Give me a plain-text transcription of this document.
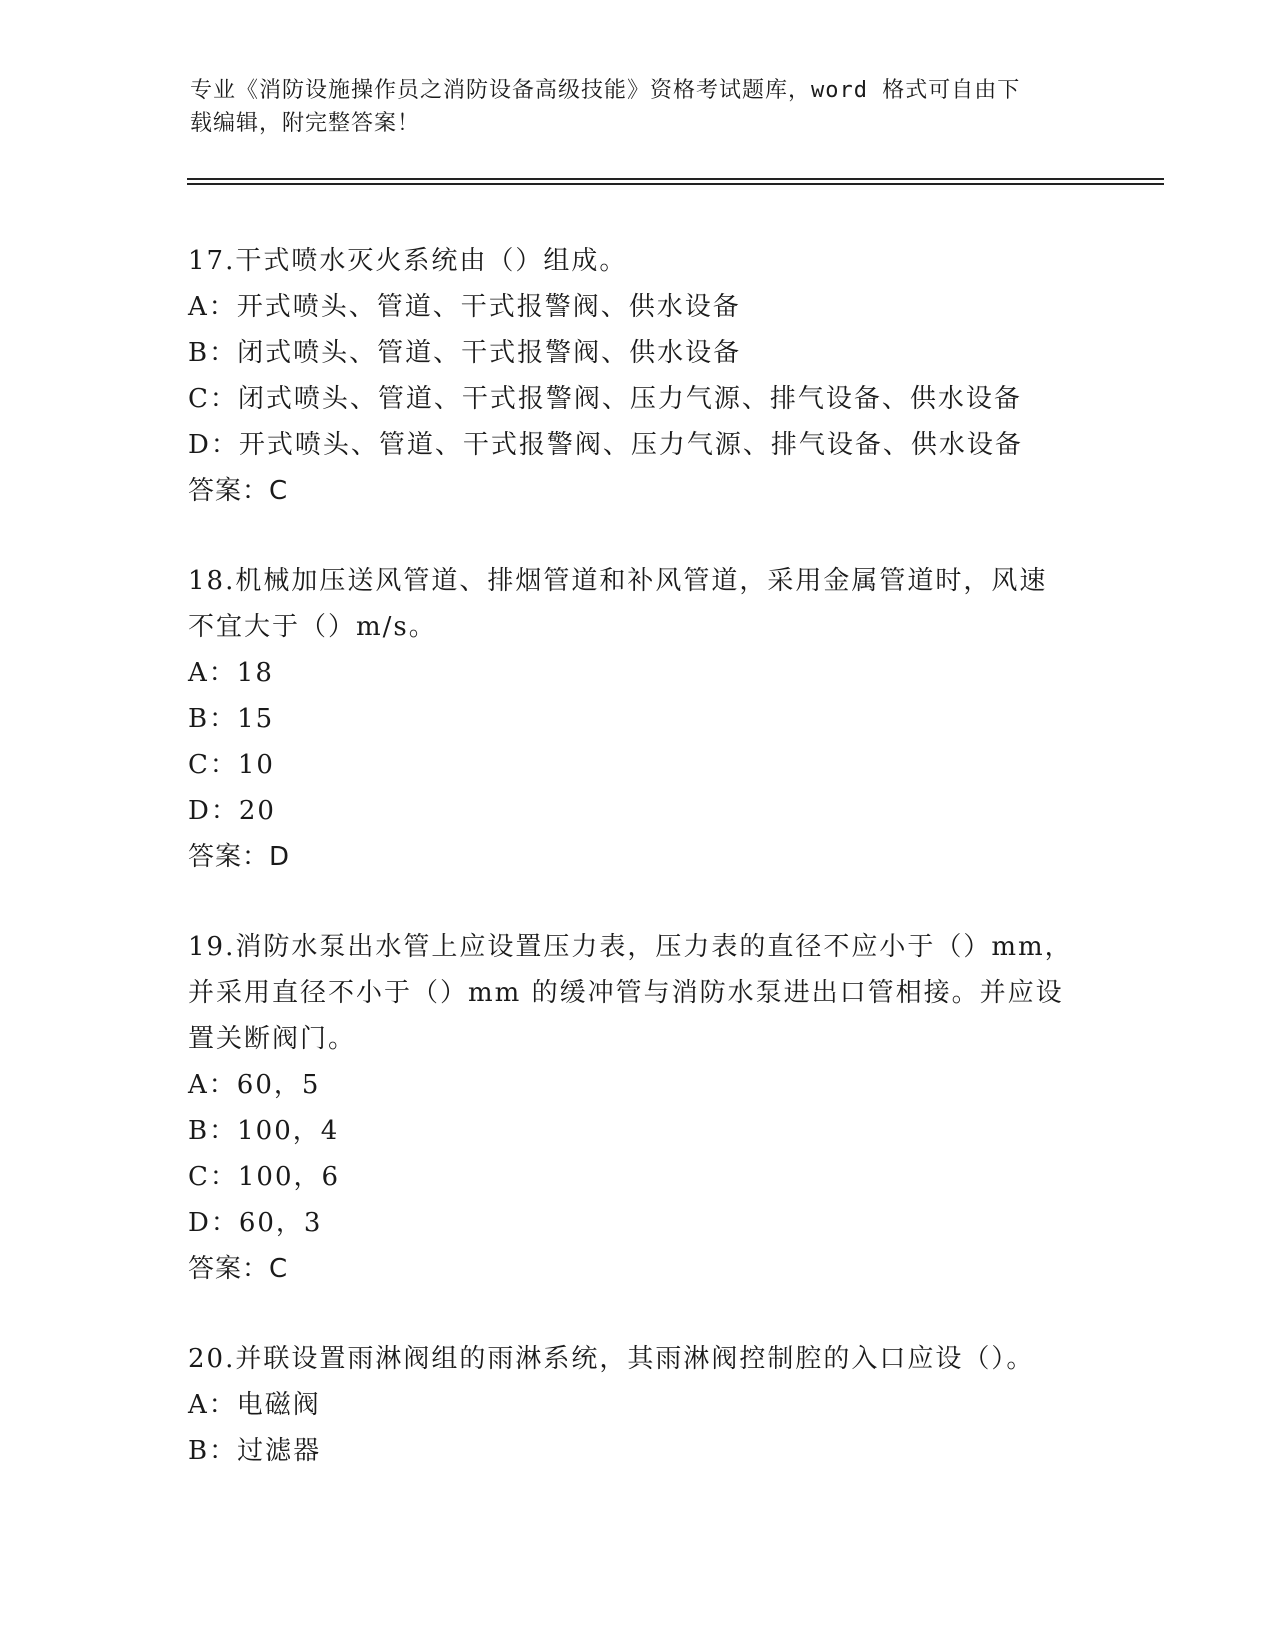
专业《消防设施操作员之消防设备高级技能》资格考试题库，word 格式可自由下
载编辑，附完整答案！

17.干式喷水灭火系统由（）组成。

A：开式喷头、管道、干式报警阀、供水设备

B：闭式喷头、管道、干式报警阀、供水设备

C：闭式喷头、管道、干式报警阀、压力气源、排气设备、供水设备

D：开式喷头、管道、干式报警阀、压力气源、排气设备、供水设备

答案：C

18.机械加压送风管道、排烟管道和补风管道，采用金属管道时，风速

不宜大于（）m/s。

A：18

B：15

C：10

D：20

答案：D

19.消防水泵出水管上应设置压力表，压力表的直径不应小于（）mm，

并采用直径不小于（）mm 的缓冲管与消防水泵进出口管相接。并应设

置关断阀门。

A：60，5

B：100，4

C：100，6

D：60，3

答案：C

20.并联设置雨淋阀组的雨淋系统，其雨淋阀控制腔的入口应设（）。

A：电磁阀

B：过滤器
